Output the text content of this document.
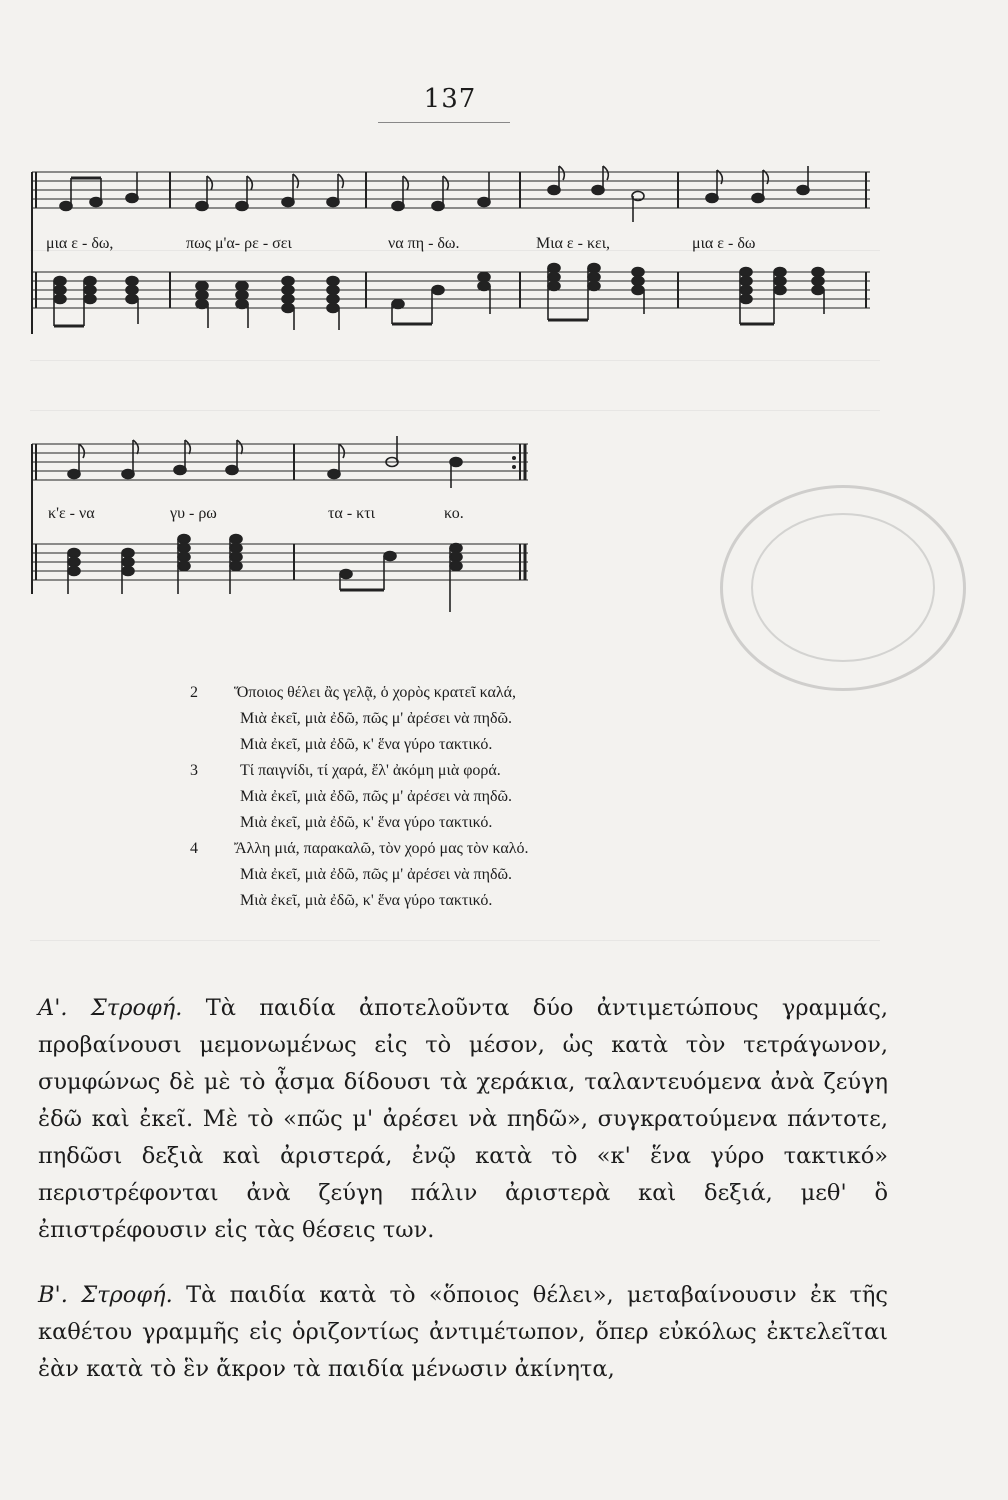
137
μια ε - δω,	πως μ'α- ρε - σει	να πη - δω.	Μια ε - κει,	μια ε - δω
κ'ε - να	γυ - ρω	τα - κτι	κο.
2	Ὅποιος θέλει ἂς γελᾷ, ὁ χορὸς κρατεῖ καλά,
Μιὰ ἐκεῖ, μιὰ ἐδῶ, πῶς μ' ἀρέσει νὰ πηδῶ.
Μιὰ ἐκεῖ, μιὰ ἐδῶ, κ' ἕνα γύρο τακτικό.
3	Τί παιγνίδι, τί χαρά, ἔλ' ἀκόμη μιὰ φορά.
Μιὰ ἐκεῖ, μιὰ ἐδῶ, πῶς μ' ἀρέσει νὰ πηδῶ.
Μιὰ ἐκεῖ, μιὰ ἐδῶ, κ' ἕνα γύρο τακτικό.
4	Ἄλλη μιά, παρακαλῶ, τὸν χορό μας τὸν καλό.
Μιὰ ἐκεῖ, μιὰ ἐδῶ, πῶς μ' ἀρέσει νὰ πηδῶ.
Μιὰ ἐκεῖ, μιὰ ἐδῶ, κ' ἕνα γύρο τακτικό.

Α'. Στροφή. Τὰ παιδία ἀποτελοῦντα δύο ἀντιμετώπους γραμμάς, προβαίνουσι μεμονωμένως εἰς τὸ μέσον, ὡς κατὰ τὸν τετράγωνον, συμφώνως δὲ μὲ τὸ ᾆσμα δίδουσι τὰ χεράκια, ταλαντευόμενα ἀνὰ ζεύγη ἐδῶ καὶ ἐκεῖ. Μὲ τὸ «πῶς μ' ἀρέσει νὰ πηδῶ», συγκρατούμενα πάντοτε, πηδῶσι δεξιὰ καὶ ἀριστερά, ἐνῷ κατὰ τὸ «κ' ἕνα γύρο τακτικό» περιστρέφονται ἀνὰ ζεύγη πάλιν ἀριστερὰ καὶ δεξιά, μεθ' ὃ ἐπιστρέφουσιν εἰς τὰς θέσεις των.

Β'. Στροφή. Τὰ παιδία κατὰ τὸ «ὅποιος θέλει», μεταβαίνουσιν ἐκ τῆς καθέτου γραμμῆς εἰς ὁριζοντίως ἀντιμέτωπον, ὅπερ εὐκόλως ἐκτελεῖται ἐὰν κατὰ τὸ ἓν ἄκρον τὰ παιδία μένωσιν ἀκίνητα,
